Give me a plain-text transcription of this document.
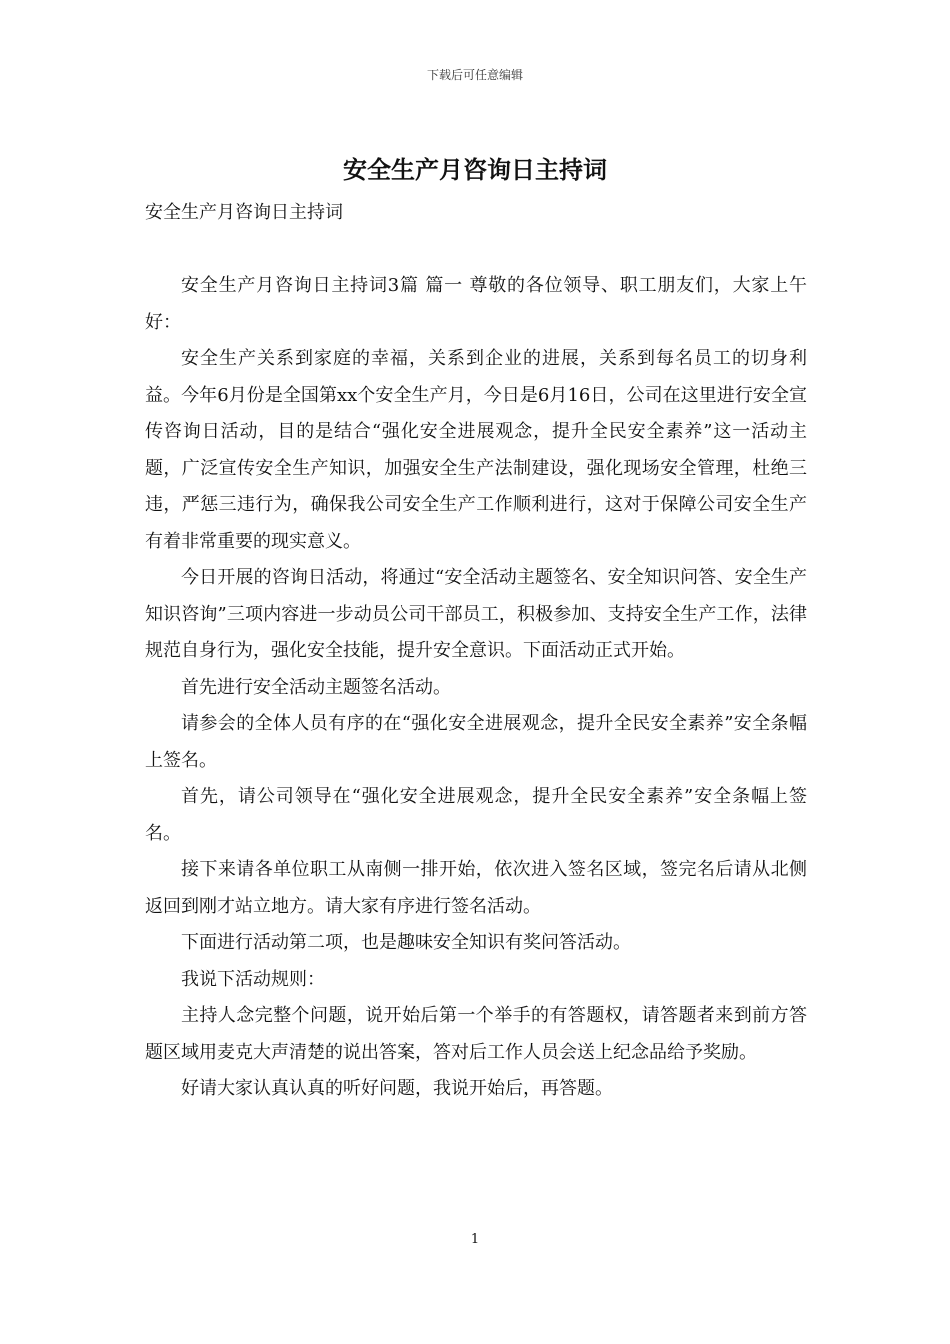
下载后可任意编辑
安全生产月咨询日主持词

安全生产月咨询日主持词

安全生产月咨询日主持词3篇 篇一 尊敬的各位领导、职工朋友们，大家上午好：

安全生产关系到家庭的幸福，关系到企业的进展，关系到每名员工的切身利益。今年6月份是全国第xx个安全生产月，今日是6月16日，公司在这里进行安全宣传咨询日活动，目的是结合“强化安全进展观念，提升全民安全素养”这一活动主题，广泛宣传安全生产知识，加强安全生产法制建设，强化现场安全管理，杜绝三违，严惩三违行为，确保我公司安全生产工作顺利进行，这对于保障公司安全生产有着非常重要的现实意义。

今日开展的咨询日活动，将通过“安全活动主题签名、安全知识问答、安全生产知识咨询”三项内容进一步动员公司干部员工，积极参加、支持安全生产工作，法律规范自身行为，强化安全技能，提升安全意识。下面活动正式开始。

首先进行安全活动主题签名活动。

请参会的全体人员有序的在“强化安全进展观念，提升全民安全素养”安全条幅上签名。

首先，请公司领导在“强化安全进展观念，提升全民安全素养”安全条幅上签名。

接下来请各单位职工从南侧一排开始，依次进入签名区域，签完名后请从北侧返回到刚才站立地方。请大家有序进行签名活动。

下面进行活动第二项，也是趣味安全知识有奖问答活动。

我说下活动规则：

主持人念完整个问题，说开始后第一个举手的有答题权，请答题者来到前方答题区域用麦克大声清楚的说出答案，答对后工作人员会送上纪念品给予奖励。

好请大家认真认真的听好问题，我说开始后，再答题。

1
